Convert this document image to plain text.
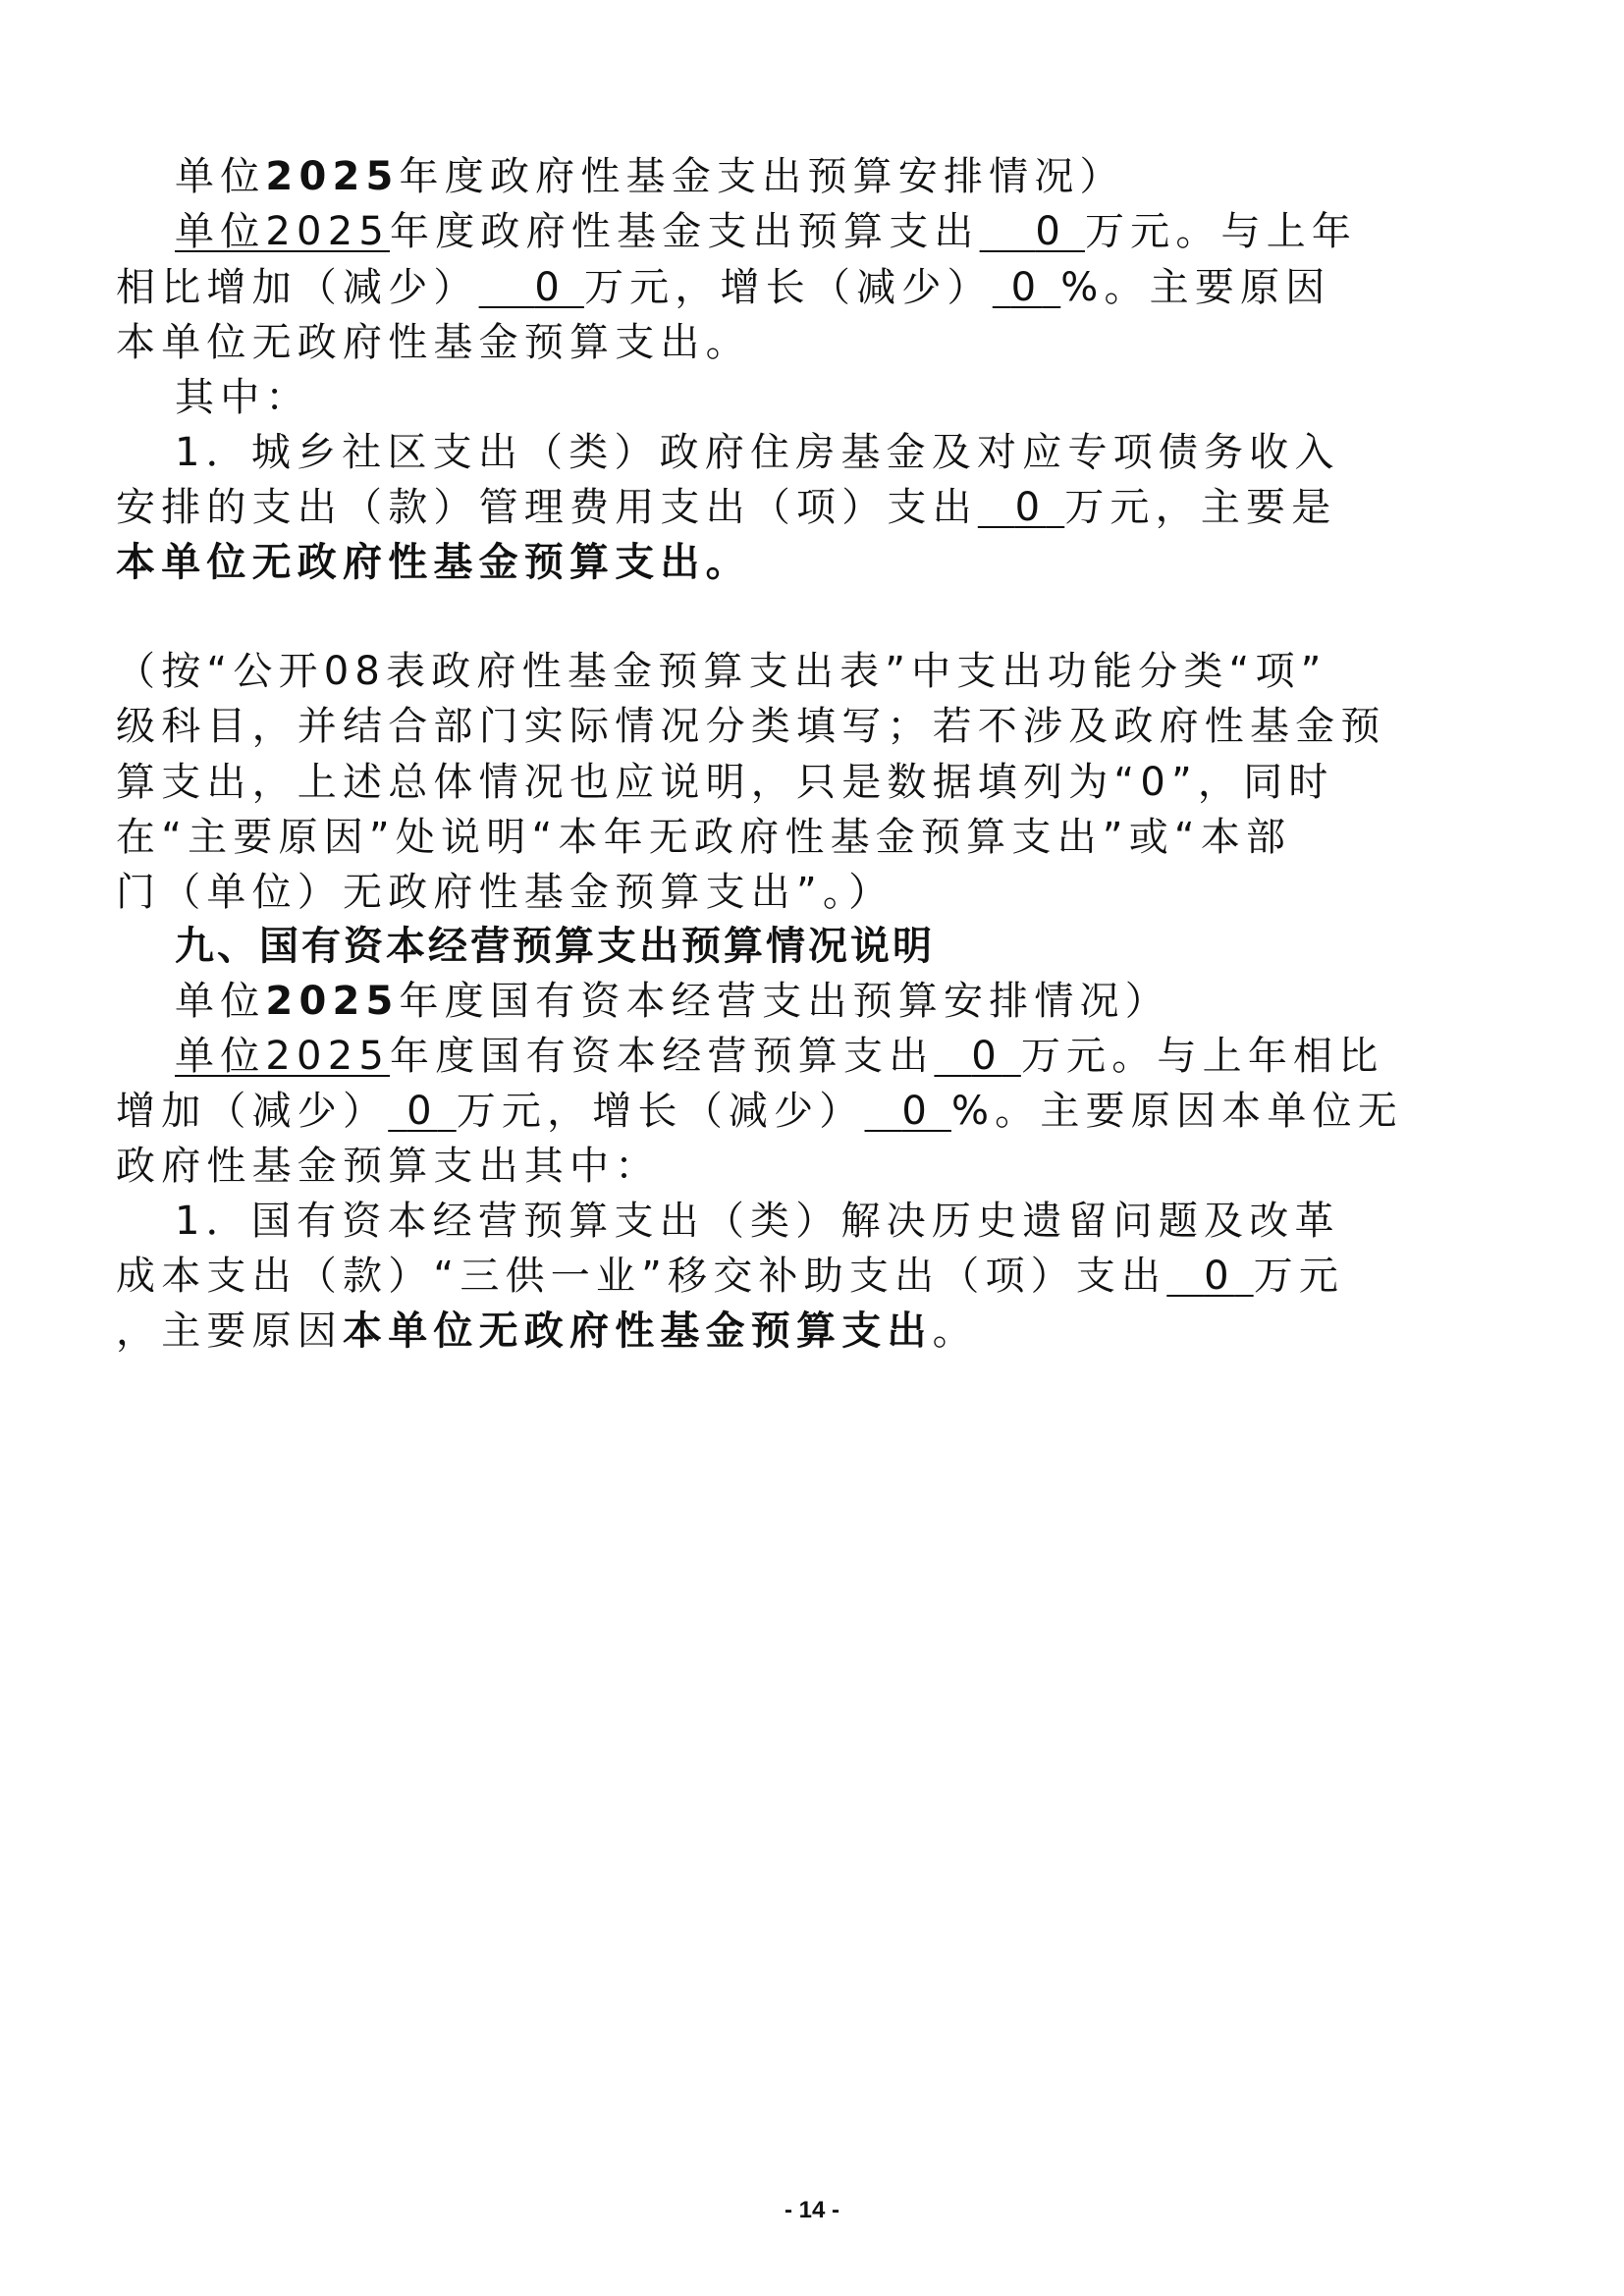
单位2025年度政府性基金支出预算安排情况）
单位2025年度政府性基金支出预算支出 0 万元。与上年
相比增加（减少） 0 万元，增长（减少） 0 %。主要原因
本单位无政府性基金预算支出。
其中：
1．城乡社区支出（类）政府住房基金及对应专项债务收入
安排的支出（款）管理费用支出（项）支出 0 万元，主要是
本单位无政府性基金预算支出。
（按“公开08表政府性基金预算支出表”中支出功能分类“项”
级科目，并结合部门实际情况分类填写；若不涉及政府性基金预
算支出，上述总体情况也应说明，只是数据填列为“0”，同时
在“主要原因”处说明“本年无政府性基金预算支出”或“本部
门（单位）无政府性基金预算支出”。）
九、国有资本经营预算支出预算情况说明
单位2025年度国有资本经营支出预算安排情况）
单位2025年度国有资本经营预算支出 0 万元。与上年相比
增加（减少） 0 万元，增长（减少） 0 %。主要原因本单位无
政府性基金预算支出其中：
1．国有资本经营预算支出（类）解决历史遗留问题及改革
成本支出（款）“三供一业”移交补助支出（项）支出 0 万元
，主要原因本单位无政府性基金预算支出。
- 14 -
